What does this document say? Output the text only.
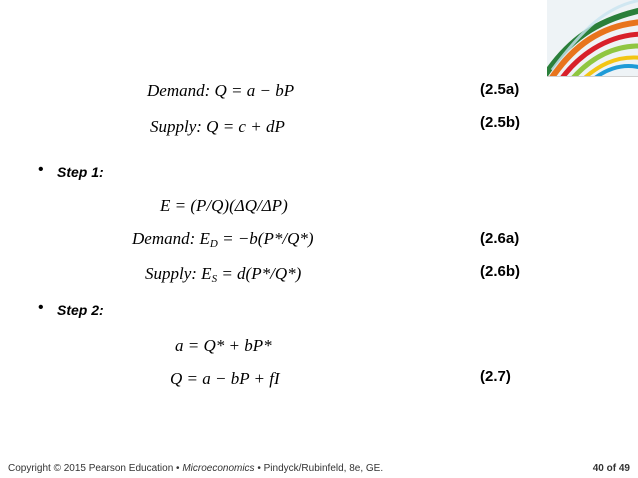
Demand: Q = a − bP	(2.5a)
Supply: Q = c + dP	(2.5b)
• Step 1:
E = (P/Q)(ΔQ/ΔP)
Demand: $E_D = -b(P*/Q*)$	(2.6a)
Supply: $E_S = d(P*/Q*)$	(2.6b)
• Step 2:
a = Q* + bP*
Q = a − bP + fI	(2.7)
Copyright © 2015 Pearson Education • Microeconomics • Pindyck/Rubinfeld, 8e, GE.	40 of 49
